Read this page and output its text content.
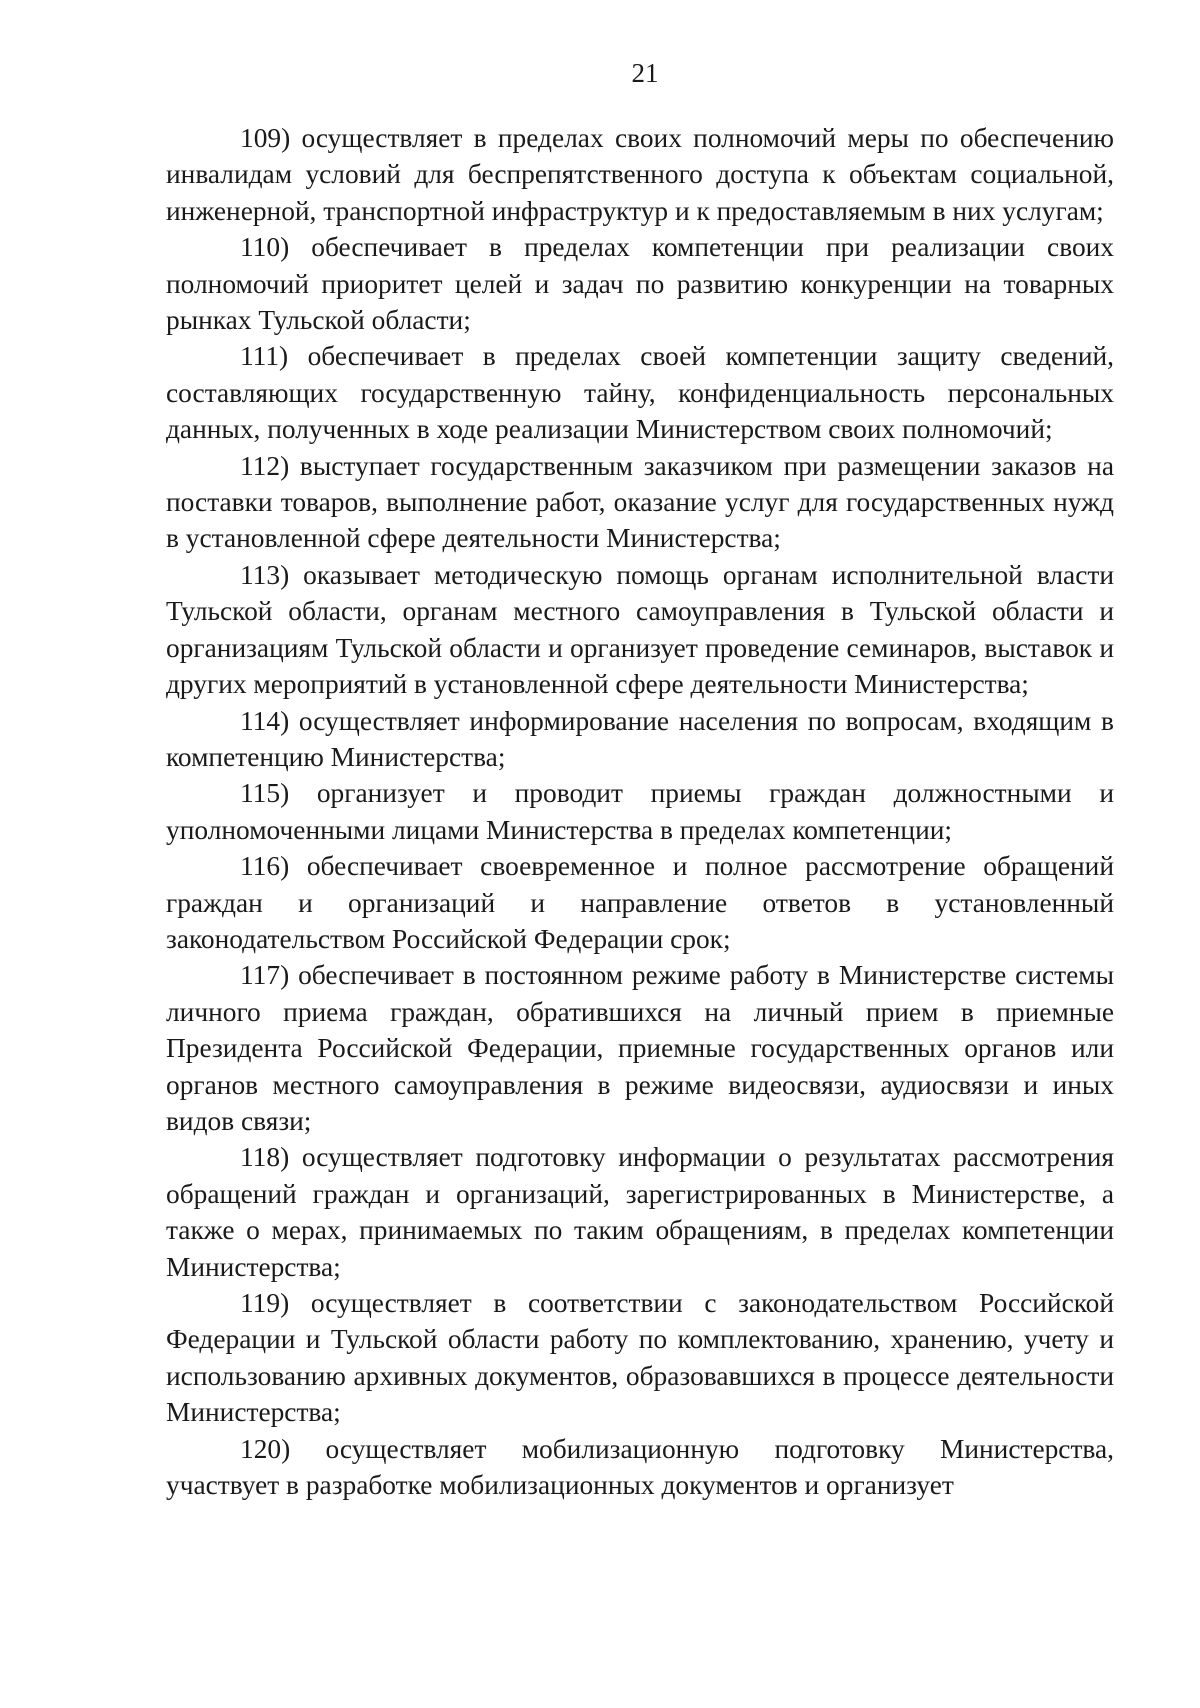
21

109) осуществляет в пределах своих полномочий меры по обеспечению инвалидам условий для беспрепятственного доступа к объектам социальной, инженерной, транспортной инфраструктур и к предоставляемым в них услугам;

110) обеспечивает в пределах компетенции при реализации своих полномочий приоритет целей и задач по развитию конкуренции на товарных рынках Тульской области;

111) обеспечивает в пределах своей компетенции защиту сведений, составляющих государственную тайну, конфиденциальность персональных данных, полученных в ходе реализации Министерством своих полномочий;

112) выступает государственным заказчиком при размещении заказов на поставки товаров, выполнение работ, оказание услуг для государственных нужд в установленной сфере деятельности Министерства;

113) оказывает методическую помощь органам исполнительной власти Тульской области, органам местного самоуправления в Тульской области и организациям Тульской области и организует проведение семинаров, выставок и других мероприятий в установленной сфере деятельности Министерства;

114) осуществляет информирование населения по вопросам, входящим в компетенцию Министерства;

115) организует и проводит приемы граждан должностными и уполномоченными лицами Министерства в пределах компетенции;

116) обеспечивает своевременное и полное рассмотрение обращений граждан и организаций и направление ответов в установленный законодательством Российской Федерации срок;

117) обеспечивает в постоянном режиме работу в Министерстве системы личного приема граждан, обратившихся на личный прием в приемные Президента Российской Федерации, приемные государственных органов или органов местного самоуправления в режиме видеосвязи, аудиосвязи и иных видов связи;

118) осуществляет подготовку информации о результатах рассмотрения обращений граждан и организаций, зарегистрированных в Министерстве, а также о мерах, принимаемых по таким обращениям, в пределах компетенции Министерства;

119) осуществляет в соответствии с законодательством Российской Федерации и Тульской области работу по комплектованию, хранению, учету и использованию архивных документов, образовавшихся в процессе деятельности Министерства;

120) осуществляет мобилизационную подготовку Министерства, участвует в разработке мобилизационных документов и организует
